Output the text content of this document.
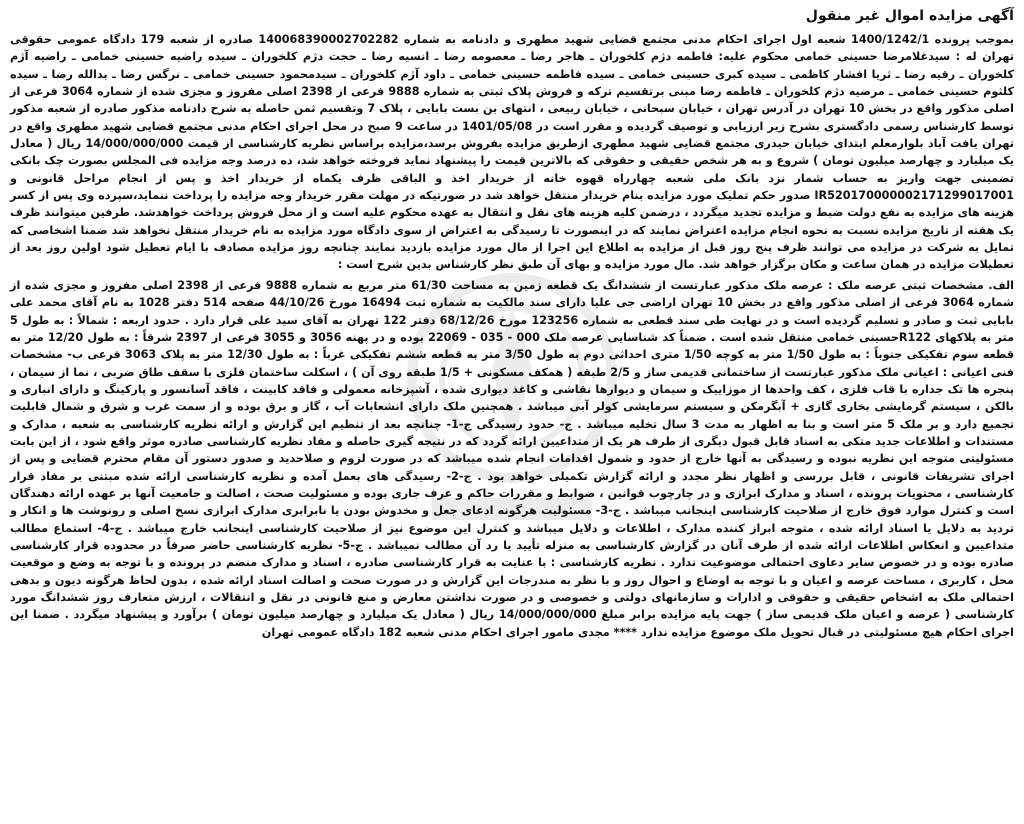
آگهی مزایده اموال غیر منقول

بموجب پرونده 1400/1242/1 شعبه اول اجرای احکام مدنی مجتمع قضایی شهید مطهری و دادنامه به شماره 140068390002702282 صادره از شعبه 179 دادگاه عمومی حقوقی تهران له : سیدغلامرضا حسینی خمامی محکوم علیه: فاطمه دژم کلخوران ـ هاجر رضا ـ معصومه رضا ـ انسیه رضا ـ حجت دژم کلخوران ـ سیده راضیه حسینی خمامی ـ راضیه آژم کلخوران ـ رقیه رضا ـ ثریا افشار کاظمی ـ سیده کبری حسینی خمامی ـ سیده فاطمه حسینی خمامی ـ داود آژم کلخوران ـ سیدمحمود حسینی خمامی ـ نرگس رضا ـ بدالله رضا ـ سیده کلثوم حسینی خمامی ـ مرضیه دژم کلخوران ـ فاطمه رضا مبنی برتقسیم ترکه و فروش پلاک ثبتی به شماره 9888 فرعی از 2398 اصلی مفروز و مجزی شده از شماره 3064 فرعی از اصلی مذکور واقع در بخش 10 تهران در آدرس تهران ، خیابان سبحانی ، خیابان ربیعی ، انتهای بن بست بابایی ، پلاک 7 وتقسیم ثمن حاصله به شرح دادنامه مذکور صادره از شعبه مذکور توسط کارشناس رسمی دادگستری بشرح زیر ارزیابی و توصیف گردیده و مقرر است در 1401/05/08 در ساعت 9 صبح در محل اجرای احکام مدنی مجتمع قضایی شهید مطهری واقع در تهران یافت آباد بلوارمعلم ابتدای خیابان حیدری مجتمع قضایی شهید مطهری ازطریق مزایده بفروش برسد،مزایده براساس نظریه کارشناسی از قیمت 14/000/000/000 ریال ( معادل یک میلیارد و چهارصد میلیون تومان ) شروع و به هر شخص حقیقی و حقوقی که بالاترین قیمت را پیشنهاد نماید فروخته خواهد شد، ده درصد وجه مزایده فی المجلس بصورت چک بانکی تضمینی جهت واریز به حساب شمار نزد بانک ملی شعبه چهارراه قهوه خانه از خریدار اخذ و الباقی ظرف یکماه از خریدار اخذ و پس از انجام مراحل قانونی و IR520170000002171299017001 صدور حکم تملیک مورد مزایده بنام خریدار منتقل خواهد شد در صورتیکه در مهلت مقرر خریدار وجه مزایده را پرداخت ننماید،سپرده وی پس از کسر هزینه های مزایده به نفع دولت ضبط و مزایده تجدید میگردد ، درضمن کلیه هزینه های نقل و انتقال به عهده محکوم علیه است و از محل فروش پرداخت خواهدشد. طرفین میتوانند ظرف یک هفته از تاریخ مزایده نسبت به نحوه انجام مزایده اعتراض نمایند که در اینصورت تا رسیدگی به اعتراض از سوی دادگاه مورد مزایده به نام خریدار منتقل نخواهد شد ضمنا اشخاصی که تمایل به شرکت در مزایده می توانند ظرف پنج روز قبل از مزایده به اطلاع این اجرا از مال مورد مزایده بازدید نمایند چنانچه روز مزایده مصادف با ایام تعطیل شود اولین روز بعد از تعطیلات مزایده در همان ساعت و مکان برگزار خواهد شد. مال مورد مزایده و بهای آن طبق نظر کارشناس بدین شرح است :

الف. مشخصات ثبتی عرصه ملک : عرصه ملک مذکور عبارتست از ششدانگ یک قطعه زمین به مساحت 61/30 متر مربع به شماره 9888 فرعی از 2398 اصلی مفروز و مجزی شده از شماره 3064 فرعی از اصلی مذکور واقع در بخش 10 تهران اراضی جی علیا دارای سند مالکیت به شماره ثبت 16494 مورخ 44/10/26 صفحه 514 دفتر 1028 به نام آقای محمد علی بابایی ثبت و صادر و تسلیم گردیده است و در نهایت طی سند قطعی به شماره 123256 مورخ 68/12/26 دفتر 122 تهران به آقای سید علی قرار دارد . حدود اربعه : شمالاً : به طول 5 متر به پلاکهای R122حسینی خمامی منتقل شده است . ضمناً کد شناسایی عرصه ملک 000 - 035 - 22069 بوده و در پهنه 3056 و 3055 فرعی از 2397 شرقاً : به طول 12/20 متر به قطعه سوم تفکیکی جنوباً : به طول 1/50 متر به کوچه 1/50 متری احداثی دوم به طول 3/50 متر به قطعه ششم تفکیکی غرباً : به طول 12/30 متر به پلاک 3063 فرعی ب- مشخصات فنی اعیانی : اعیانی ملک مذکور عبارتست از ساختمانی قدیمی ساز و 2/5 طبقه ( همکف مسکونی + 1/5 طبقه روی آن ) ، اسکلت ساختمان فلزی با سقف طاق ضربی ، نما از سیمان ، پنجره ها تک جداره با قاب فلزی ، کف واحدها از موزاییک و سیمان و دیوارها نقاشی و کاغذ دیواری شده ، آشپزخانه معمولی و فاقد کابینت ، فاقد آسانسور و پارکینگ و دارای انباری و بالکن ، سیستم گرمایشی بخاری گازی + آبگرمکن و سیستم سرمایشی کولر آبی میباشد . همچنین ملک دارای انشعابات آب ، گاز و برق بوده و از سمت غرب و شرق و شمال قابلیت تجمیع دارد و بر ملک 5 متر است و بنا به اظهار به مدت 3 سال تخلیه میباشد . ج- حدود رسیدگی ج-1- چنانچه بعد از تنظیم این گزارش و ارائه نظریه کارشناسی به شعبه ، مدارک و مستندات و اطلاعات جدید متکی به اسناد قابل قبول دیگری از طرف هر یک از متداعیین ارائه گردد که در نتیجه گیری حاصله و مفاد نظریه کارشناسی صادره موثر واقع شود ، از این بابت مسئولیتی متوجه این نظریه نبوده و رسیدگی به آنها خارج از حدود و شمول اقدامات انجام شده میباشد که در صورت لزوم و صلاحدید و صدور دستور آن مقام محترم قضایی و پس از اجرای تشریفات قانونی ، قابل بررسی و اظهار نظر مجدد و ارائه گزارش تکمیلی خواهد بود . ج-2- رسیدگی های بعمل آمده و نظریه کارشناسی ارائه شده مبتنی بر مفاد قرار کارشناسی ، محتویات پرونده ، اسناد و مدارک ابرازی و در چارچوب قوانین ، ضوابط و مقررات حاکم و عرف جاری بوده و مسئولیت صحت ، اصالت و جامعیت آنها بر عهده ارائه دهندگان است و کنترل موارد فوق خارج از صلاحیت کارشناسی اینجانب میباشد . ج-3- مسئولیت هرگونه ادعای جعل و مخدوش بودن یا نابرابری مدارک ابرازی نسخ اصلی و رونوشت ها و انکار و تردید به دلایل یا اسناد ارائه شده ، متوجه ابراز کننده مدارک ، اطلاعات و دلایل میباشد و کنترل این موضوع نیز از صلاحیت کارشناسی اینجانب خارج میباشد . ج-4- استماع مطالب متداعیین و انعکاس اطلاعات ارائه شده از طرف آنان در گزارش کارشناسی به منزله تأیید یا رد آن مطالب نمیباشد . ج-5- نظریه کارشناسی حاضر صرفاً در محدوده قرار کارشناسی صادره بوده و در خصوص سایر دعاوی احتمالی موضوعیت ندارد . نظریه کارشناسی : با عنایت به قرار کارشناسی صادره ، اسناد و مدارک منضم در پرونده و با توجه به وضع و موقعیت محل ، کاربری ، مساحت عرصه و اعیان و با توجه به اوضاع و احوال روز و با نظر به مندرجات این گزارش و در صورت صحت و اصالت اسناد ارائه شده ، بدون لحاظ هرگونه دیون و بدهی احتمالی ملک به اشخاص حقیقی و حقوقی و ادارات و سازمانهای دولتی و خصوصی و در صورت نداشتن معارض و منع قانونی در نقل و انتقالات ، ارزش متعارف روز ششدانگ مورد کارشناسی ( عرصه و اعیان ملک قدیمی ساز ) جهت پایه مزایده برابر مبلغ 14/000/000/000 ریال ( معادل یک میلیارد و چهارصد میلیون تومان ) برآورد و پیشنهاد میگردد . ضمنا این اجرای احکام هیچ مسئولیتی در قبال تحویل ملک موضوع مزایده ندارد **** مجدی مامور اجرای احکام مدنی شعبه 182 دادگاه عمومی تهران
